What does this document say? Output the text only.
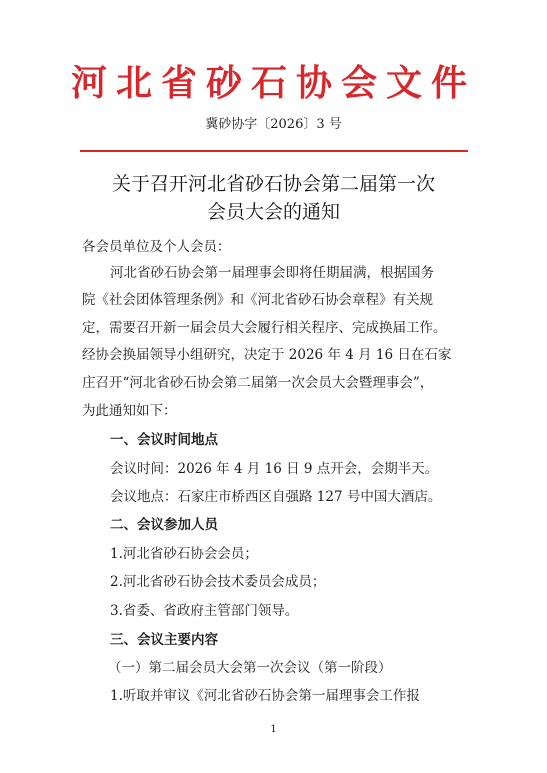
河北省砂石协会文件
冀砂协字〔2026〕3 号
关于召开河北省砂石协会第二届第一次
会员大会的通知
各会员单位及个人会员：
河北省砂石协会第一届理事会即将任期届满，根据国务
院《社会团体管理条例》和《河北省砂石协会章程》有关规
定，需要召开新一届会员大会履行相关程序、完成换届工作。
经协会换届领导小组研究，决定于 2026 年 4 月 16 日在石家
庄召开“河北省砂石协会第二届第一次会员大会暨理事会”，
为此通知如下：
一、会议时间地点
会议时间：2026 年 4 月 16 日 9 点开会，会期半天。
会议地点：石家庄市桥西区自强路 127 号中国大酒店。
二、会议参加人员
1.河北省砂石协会会员；
2.河北省砂石协会技术委员会成员；
3.省委、省政府主管部门领导。
三、会议主要内容
（一）第二届会员大会第一次会议（第一阶段）
1.听取并审议《河北省砂石协会第一届理事会工作报
1
